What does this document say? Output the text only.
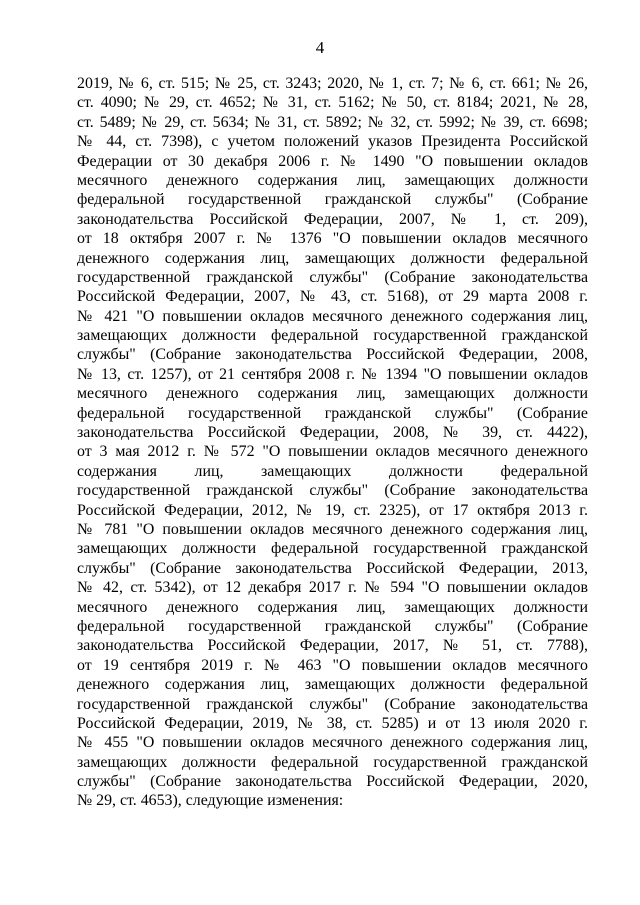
4
2019, № 6, ст. 515; № 25, ст. 3243; 2020, № 1, ст. 7; № 6, ст. 661; № 26,
ст. 4090; № 29, ст. 4652; № 31, ст. 5162; № 50, ст. 8184; 2021, № 28,
ст. 5489; № 29, ст. 5634; № 31, ст. 5892; № 32, ст. 5992; № 39, ст. 6698;
№ 44, ст. 7398), с учетом положений указов Президента Российской
Федерации от 30 декабря 2006 г. № 1490 "О повышении окладов
месячного денежного содержания лиц, замещающих должности
федеральной государственной гражданской службы" (Собрание
законодательства Российской Федерации, 2007, № 1, ст. 209),
от 18 октября 2007 г. № 1376 "О повышении окладов месячного
денежного содержания лиц, замещающих должности федеральной
государственной гражданской службы" (Собрание законодательства
Российской Федерации, 2007, № 43, ст. 5168), от 29 марта 2008 г.
№ 421 "О повышении окладов месячного денежного содержания лиц,
замещающих должности федеральной государственной гражданской
службы" (Собрание законодательства Российской Федерации, 2008,
№ 13, ст. 1257), от 21 сентября 2008 г. № 1394 "О повышении окладов
месячного денежного содержания лиц, замещающих должности
федеральной государственной гражданской службы" (Собрание
законодательства Российской Федерации, 2008, № 39, ст. 4422),
от 3 мая 2012 г. № 572 "О повышении окладов месячного денежного
содержания лиц, замещающих должности федеральной
государственной гражданской службы" (Собрание законодательства
Российской Федерации, 2012, № 19, ст. 2325), от 17 октября 2013 г.
№ 781 "О повышении окладов месячного денежного содержания лиц,
замещающих должности федеральной государственной гражданской
службы" (Собрание законодательства Российской Федерации, 2013,
№ 42, ст. 5342), от 12 декабря 2017 г. № 594 "О повышении окладов
месячного денежного содержания лиц, замещающих должности
федеральной государственной гражданской службы" (Собрание
законодательства Российской Федерации, 2017, № 51, ст. 7788),
от 19 сентября 2019 г. № 463 "О повышении окладов месячного
денежного содержания лиц, замещающих должности федеральной
государственной гражданской службы" (Собрание законодательства
Российской Федерации, 2019, № 38, ст. 5285) и от 13 июля 2020 г.
№ 455 "О повышении окладов месячного денежного содержания лиц,
замещающих должности федеральной государственной гражданской
службы" (Собрание законодательства Российской Федерации, 2020,
№ 29, ст. 4653), следующие изменения:
